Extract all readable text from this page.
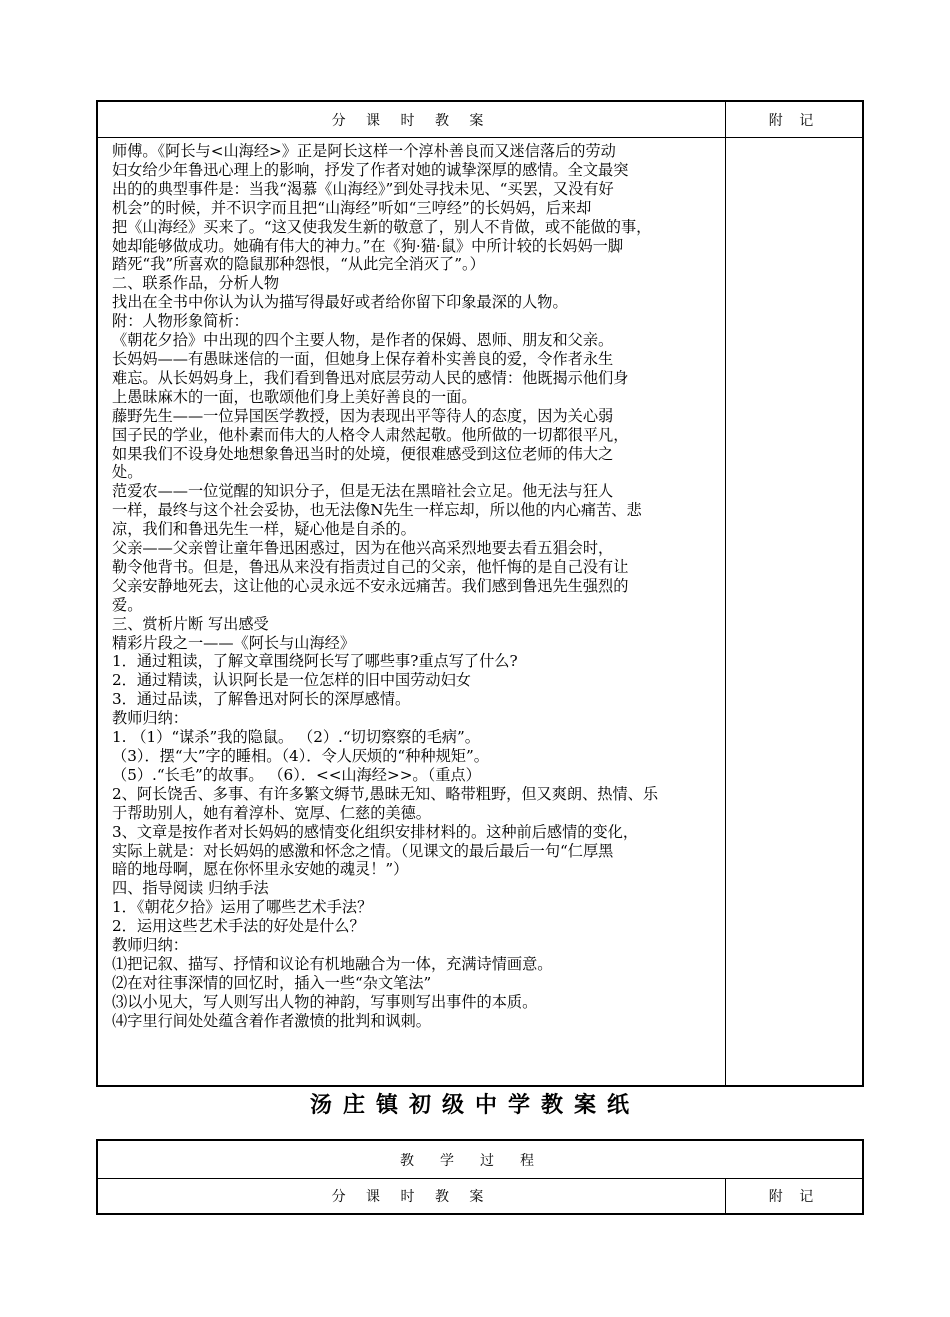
分 课 时 教 案	附 记
师傅。《阿长与<山海经>》正是阿长这样一个淳朴善良而又迷信落后的劳动
妇女给少年鲁迅心理上的影响，抒发了作者对她的诚挚深厚的感情。全文最突
出的的典型事件是：当我“渴慕《山海经》”到处寻找未见、“买罢，又没有好
机会”的时候，并不识字而且把“山海经”听如“三哼经”的长妈妈，后来却
把《山海经》买来了。“这又使我发生新的敬意了，别人不肯做，或不能做的事，
她却能够做成功。她确有伟大的神力。”在《狗·猫·鼠》中所计较的长妈妈一脚
踏死“我”所喜欢的隐鼠那种怨恨，“从此完全消灭了”。）
二、联系作品，分析人物
找出在全书中你认为认为描写得最好或者给你留下印象最深的人物。
附：人物形象简析：
《朝花夕拾》中出现的四个主要人物，是作者的保姆、恩师、朋友和父亲。
长妈妈——有愚昧迷信的一面，但她身上保存着朴实善良的爱，令作者永生
难忘。从长妈妈身上，我们看到鲁迅对底层劳动人民的感情：他既揭示他们身
上愚昧麻木的一面，也歌颂他们身上美好善良的一面。
藤野先生——一位异国医学教授，因为表现出平等待人的态度，因为关心弱
国子民的学业，他朴素而伟大的人格令人肃然起敬。他所做的一切都很平凡，
如果我们不设身处地想象鲁迅当时的处境，便很难感受到这位老师的伟大之
处。
范爱农——一位觉醒的知识分子，但是无法在黑暗社会立足。他无法与狂人
一样，最终与这个社会妥协，也无法像N先生一样忘却，所以他的内心痛苦、悲
凉，我们和鲁迅先生一样，疑心他是自杀的。
父亲——父亲曾让童年鲁迅困惑过，因为在他兴高采烈地要去看五猖会时，
勒令他背书。但是，鲁迅从来没有指责过自己的父亲，他忏悔的是自己没有让
父亲安静地死去，这让他的心灵永远不安永远痛苦。我们感到鲁迅先生强烈的
爱。
三、赏析片断 写出感受
精彩片段之一——《阿长与山海经》
1．通过粗读，了解文章围绕阿长写了哪些事?重点写了什么?
2．通过精读，认识阿长是一位怎样的旧中国劳动妇女
3．通过品读，了解鲁迅对阿长的深厚感情。
教师归纳：
1. （1）“谋杀”我的隐鼠。 （2）.“切切察察的毛病”。
（3）．摆“大”字的睡相。（4）．令人厌烦的“种种规矩”。
（5）.“长毛”的故事。 （6）．<<山海经>>。（重点）
2、阿长饶舌、多事、有许多繁文缛节,愚昧无知、略带粗野，但又爽朗、热情、乐
于帮助别人，她有着淳朴、宽厚、仁慈的美德。
3、文章是按作者对长妈妈的感情变化组织安排材料的。这种前后感情的变化，
实际上就是：对长妈妈的感激和怀念之情。（见课文的最后最后一句“仁厚黑
暗的地母啊，愿在你怀里永安她的魂灵！”）
四、指导阅读 归纳手法
1．《朝花夕拾》运用了哪些艺术手法？
2．运用这些艺术手法的好处是什么？
教师归纳：
⑴把记叙、描写、抒情和议论有机地融合为一体，充满诗情画意。
⑵在对往事深情的回忆时，插入一些“杂文笔法”
⑶以小见大，写人则写出人物的神韵，写事则写出事件的本质。
⑷字里行间处处蕴含着作者激愤的批判和讽刺。
汤庄镇初级中学教案纸
教学过程
分 课 时 教 案	附 记
